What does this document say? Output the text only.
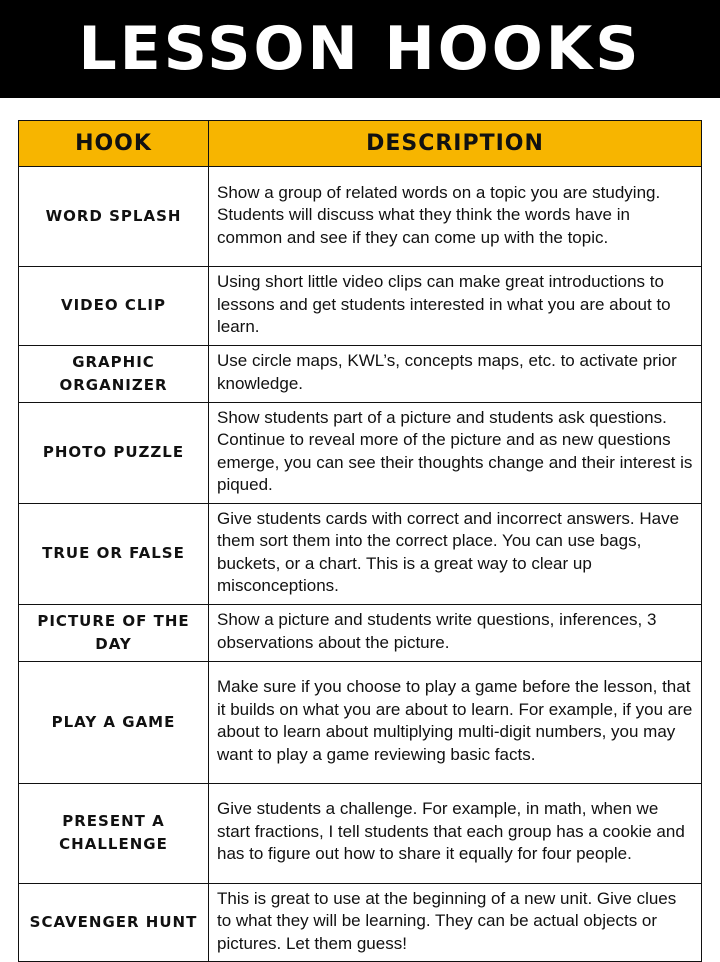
LESSON HOOKS
HOOK	DESCRIPTION
WORD SPLASH	Show a group of related words on a topic you are studying. Students will discuss what they think the words have in common and see if they can come up with the topic.
VIDEO CLIP	Using short little video clips can make great introductions to lessons and get students interested in what you are about to learn.
GRAPHIC ORGANIZER	Use circle maps, KWL’s, concepts maps, etc. to activate prior knowledge.
PHOTO PUZZLE	Show students part of a picture and students ask questions. Continue to reveal more of the picture and as new questions emerge, you can see their thoughts change and their interest is piqued.
TRUE OR FALSE	Give students cards with correct and incorrect answers. Have them sort them into the correct place. You can use bags, buckets, or a chart. This is a great way to clear up misconceptions.
PICTURE OF THE DAY	Show a picture and students write questions, inferences, 3 observations about the picture.
PLAY A GAME	Make sure if you choose to play a game before the lesson, that it builds on what you are about to learn. For example, if you are about to learn about multiplying multi-digit numbers, you may want to play a game reviewing basic facts.
PRESENT A CHALLENGE	Give students a challenge. For example, in math, when we start fractions, I tell students that each group has a cookie and has to figure out how to share it equally for four people.
SCAVENGER HUNT	This is great to use at the beginning of a new unit. Give clues to what they will be learning. They can be actual objects or pictures. Let them guess!
